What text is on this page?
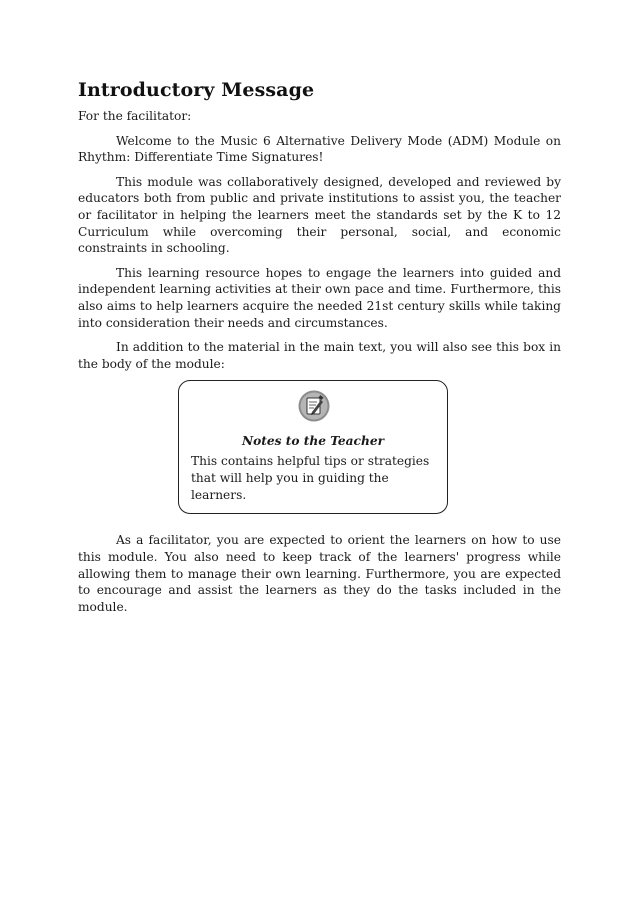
Introductory Message

For the facilitator:

Welcome to the Music 6 Alternative Delivery Mode (ADM) Module on Rhythm: Differentiate Time Signatures!

This module was collaboratively designed, developed and reviewed by educators both from public and private institutions to assist you, the teacher or facilitator in helping the learners meet the standards set by the K to 12 Curriculum while overcoming their personal, social, and economic constraints in schooling.

This learning resource hopes to engage the learners into guided and independent learning activities at their own pace and time. Furthermore, this also aims to help learners acquire the needed 21st century skills while taking into consideration their needs and circumstances.

In addition to the material in the main text, you will also see this box in the body of the module:

Notes to the Teacher
This contains helpful tips or strategies that will help you in guiding the learners.

As a facilitator, you are expected to orient the learners on how to use this module. You also need to keep track of the learners' progress while allowing them to manage their own learning. Furthermore, you are expected to encourage and assist the learners as they do the tasks included in the module.
